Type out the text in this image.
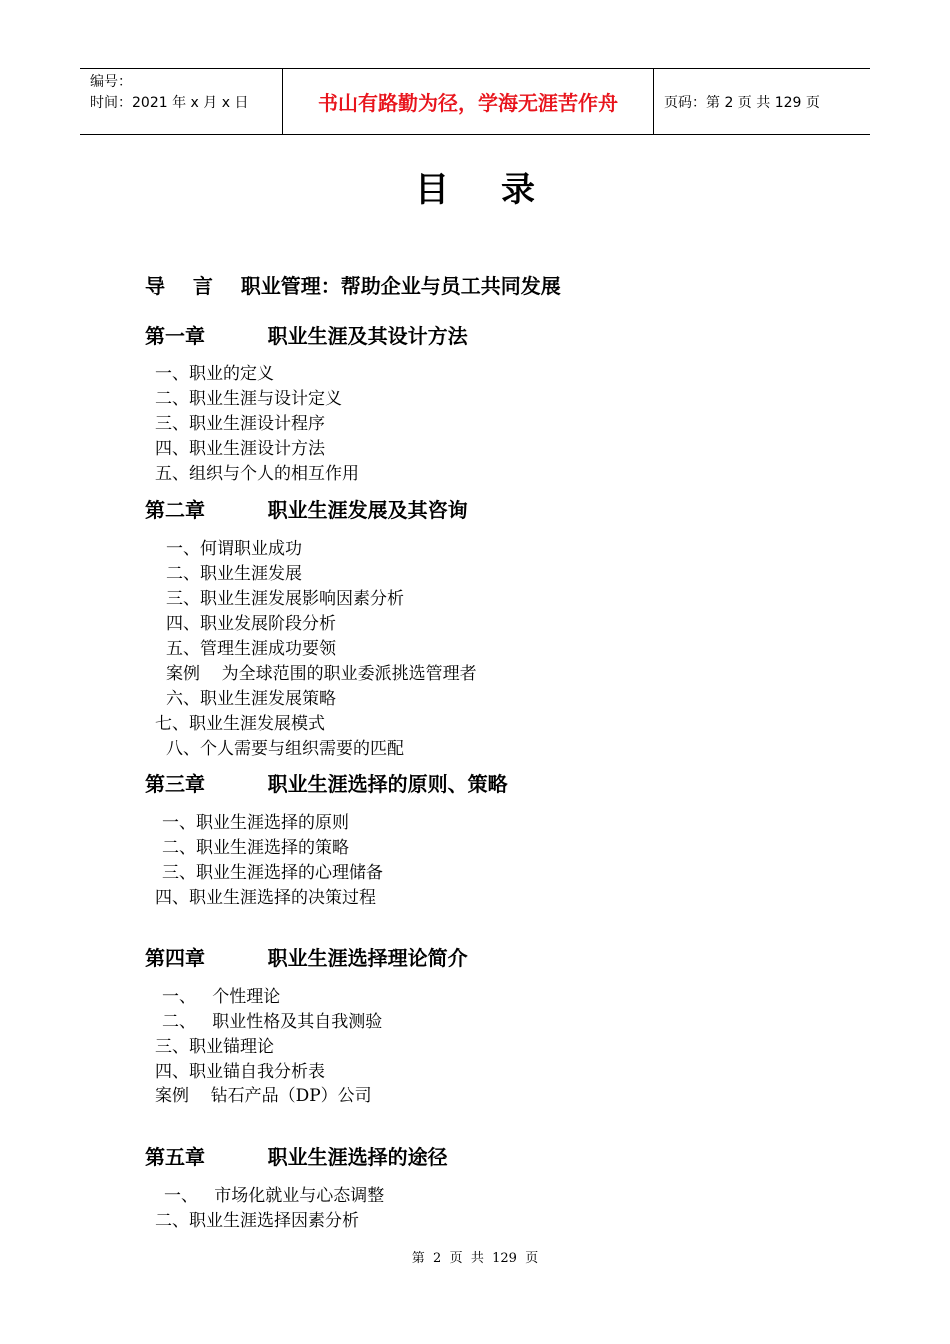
编号：
时间：2021 年 x 月 x 日	书山有路勤为径，学海无涯苦作舟	页码：第 2 页 共 129 页
目录
导    言    职业管理：帮助企业与员工共同发展
第一章         职业生涯及其设计方法
一、职业的定义
二、职业生涯与设计定义
三、职业生涯设计程序
四、职业生涯设计方法
五、组织与个人的相互作用
第二章         职业生涯发展及其咨询
一、何谓职业成功
二、职业生涯发展
三、职业生涯发展影响因素分析
四、职业发展阶段分析
五、管理生涯成功要领
案例    为全球范围的职业委派挑选管理者
六、职业生涯发展策略
七、职业生涯发展模式
八、个人需要与组织需要的匹配
第三章         职业生涯选择的原则、策略
一、职业生涯选择的原则
二、职业生涯选择的策略
三、职业生涯选择的心理储备
四、职业生涯选择的决策过程
第四章         职业生涯选择理论简介
一、   个性理论
二、   职业性格及其自我测验
三、职业锚理论
四、职业锚自我分析表
案例    钻石产品（DP）公司
第五章         职业生涯选择的途径
一、   市场化就业与心态调整
二、职业生涯选择因素分析
第  2  页  共  129  页
